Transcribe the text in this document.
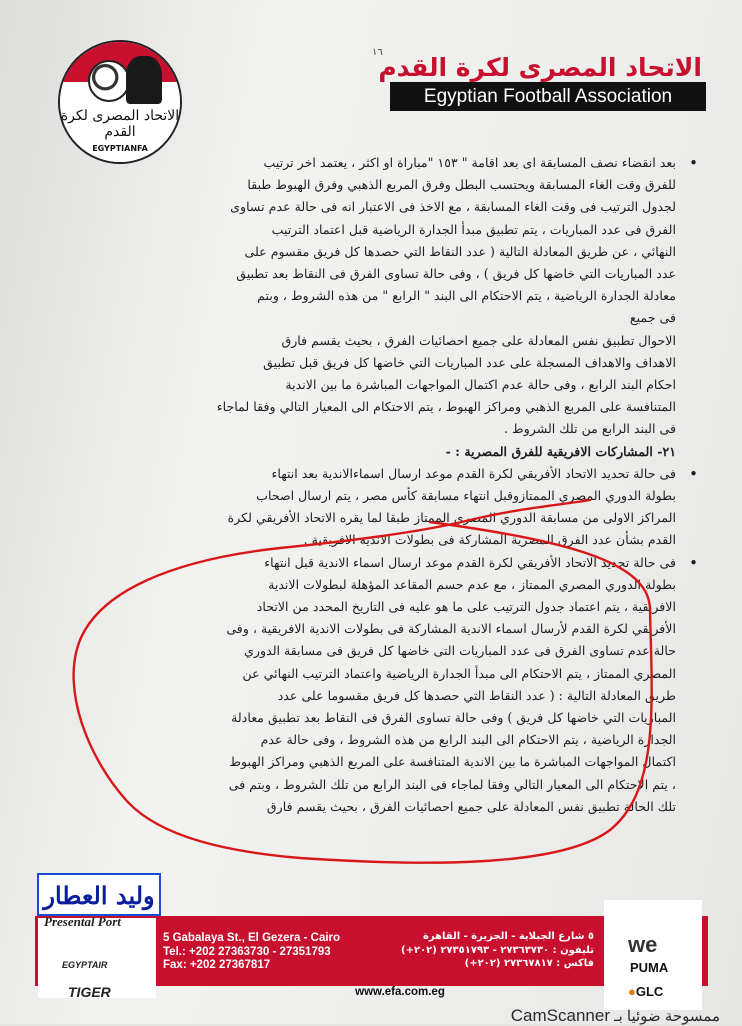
الاتحاد المصرى لكرة القدم
EGYPTIANFA
١٦
الاتحاد المصرى لكرة القدم
Egyptian Football Association

• بعد انقضاء نصف المسابقة اى بعد اقامة " ١٥٣ "مباراة او اكثر ، يعتمد اخر ترتيب

للفرق وقت الغاء المسابقة ويحتسب البطل وفرق المربع الذهبي وفرق الهبوط طبقا

لجدول الترتيب فى وقت الغاء المسابقة ، مع الاخذ فى الاعتبار انه فى حالة عدم تساوى

الفرق فى عدد المباريات ، يتم تطبيق مبدأ الجدارة الرياضية قبل اعتماد الترتيب

النهائي ، عن طريق المعادلة التالية ( عدد النقاط التي حصدها كل فريق مقسوم على

عدد المباريات التي خاضها كل فريق ) ، وفى حالة تساوى الفرق فى النقاط بعد تطبيق

معادلة الجدارة الرياضية ، يتم الاحتكام الى البند " الرابع " من هذه الشروط ، وبتم

فى جميع

الاحوال تطبيق نفس المعادلة على جميع احصائيات الفرق ، بحيث يقسم فارق

الاهداف والاهداف المسجلة على عدد المباريات التي خاضها كل فريق قبل تطبيق

احكام البند الرابع ، وفى حالة عدم اكتمال المواجهات المباشرة ما بين الاندية

المتنافسة على المربع الذهبي ومراكز الهبوط ، يتم الاحتكام الى المعيار التالي وفقا لماجاء

فى البند الرابع من تلك الشروط .

٢١- المشاركات الافريقية للفرق المصرية : -

• فى حالة تحديد الاتحاد الأفريقي لكرة القدم موعد ارسال اسماءالاندية بعد انتهاء

بطولة الدوري المصري الممتازوقبل انتهاء مسابقة كأس مصر ، يتم ارسال اصحاب

المراكز الاولى من مسابقة الدوري المصري الممتاز طبقا لما يقره الاتحاد الأفريقي لكرة

القدم بشأن عدد الفرق المصرية المشاركة فى بطولات الاندية الافريقية .

• فى حالة تحديد الاتحاد الأفريقي لكرة القدم موعد ارسال اسماء الاندية قبل انتهاء

بطولة الدوري المصري الممتاز ، مع عدم حسم المقاعد المؤهلة لبطولات الاندية

الافريقية ، يتم اعتماد جدول الترتيب على ما هو عليه فى التاريخ المحدد من الاتحاد

الأفريقي لكرة القدم لأرسال اسماء الاندية المشاركة فى بطولات الاندية الافريقية ، وفى

حالة عدم تساوى الفرق فى عدد المباريات التى خاضها كل فريق فى مسابقة الدوري

المصري الممتاز ، يتم الاحتكام الى مبدأ الجدارة الرياضية واعتماد الترتيب النهائي عن

طريق المعادلة التالية : ( عدد النقاط التي حصدها كل فريق مقسوما على عدد

المباريات التي خاضها كل فريق ) وفى حالة تساوى الفرق فى النقاط بعد تطبيق معادلة

الجدارة الرياضية ، يتم الاحتكام الى البند الرابع من هذه الشروط ، وفى حالة عدم

اكتمال المواجهات المباشرة ما بين الاندية المتنافسة على المربع الذهبي ومراكز الهبوط

، يتم الاحتكام الى المعيار التالي وفقا لماجاء فى البند الرابع من تلك الشروط ، وبتم فى

تلك الحالة تطبيق نفس المعادلة على جميع احصائيات الفرق ، بحيث يقسم فارق

وليد العطار
Presental Port
EGYPTAIR
TIGER
5 Gabalaya St., El Gezera - Cairo
Tel.: +202 27363730 - 27351793
Fax: +202 27367817
٥ شارع الجبلاية - الجزيرة - القاهرة
تليفون : ٢٧٣٦٣٧٣٠ - ٢٧٣٥١٧٩٣ (٢٠٢+)
فاكس : ٢٧٣٦٧٨١٧ (٢٠٢+)
www.efa.com.eg
we
PUMA
●GLC
ممسوحة ضوئيا بـ CamScanner
